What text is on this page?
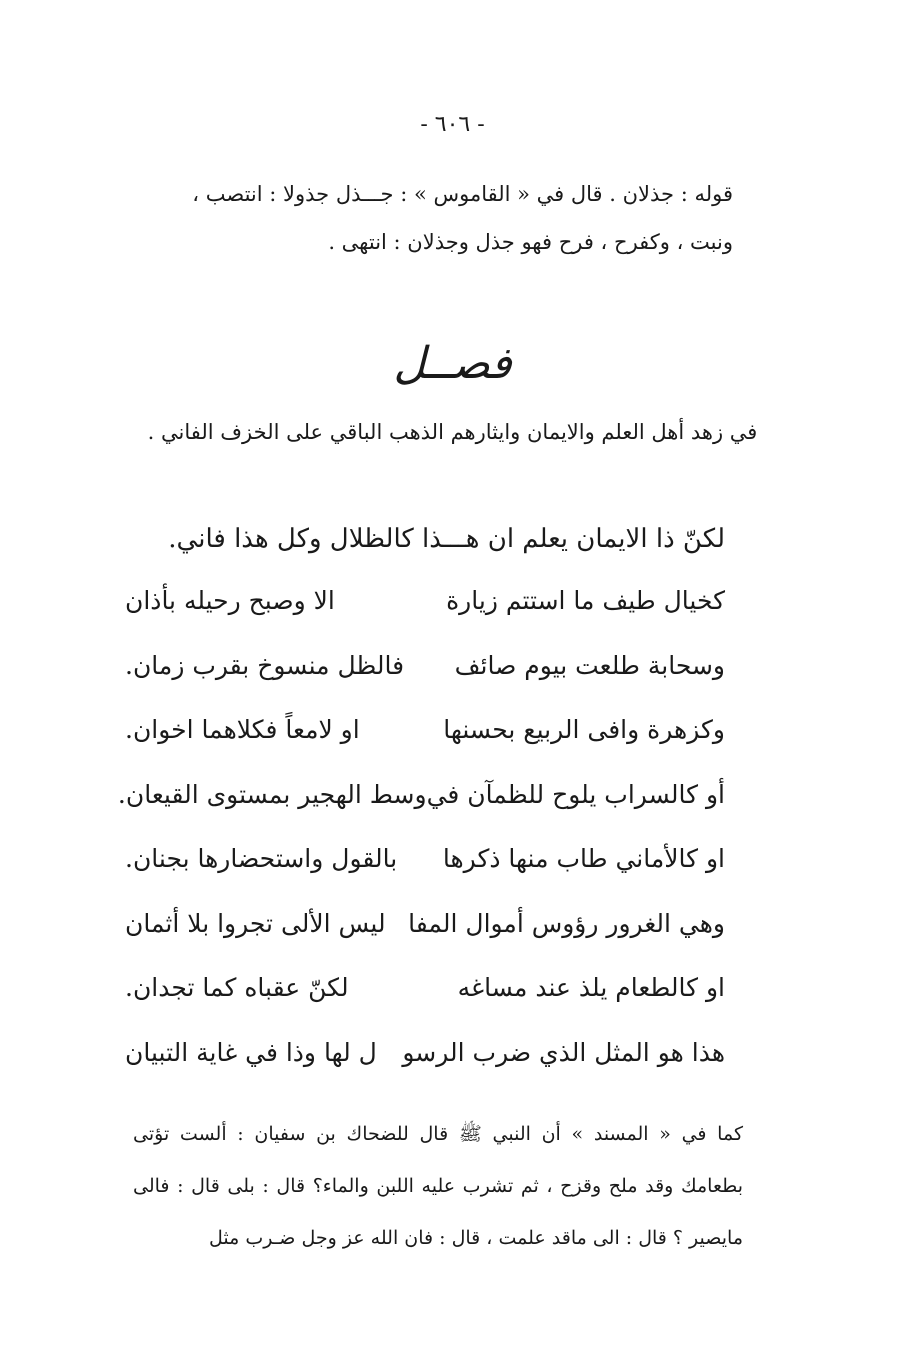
- ٦٠٦ -

قوله : جذلان . قال في « القاموس » : جـــذل جذولا : انتصب ،

ونبت ، وكفرح ، فرح فهو جذل وجذلان : انتهى .

فصــل
في زهد أهل العلم والايمان وايثارهم الذهب الباقي على الخزف الفاني .
لكنّ ذا الايمان يعلم ان هـــذا كالظلال وكل هذا فاني.
كخيال طيف ما استتم زيارة
الا وصبح رحيله بأذان
وسحابة طلعت بيوم صائف
فالظل منسوخ بقرب زمان.
وكزهرة وافى الربيع بحسنها
او لامعاً فكلاهما اخوان.
أو كالسراب يلوح للظمآن في
وسط الهجير بمستوى القيعان.
او كالأماني طاب منها ذكرها
بالقول واستحضارها بجنان.
وهي الغرور رؤوس أموال المفا
ليس الألى تجروا بلا أثمان
او كالطعام يلذ عند مساغه
لكنّ عقباه كما تجدان.
هذا هو المثل الذي ضرب الرسو
ل لها وذا في غاية التبيان

كما في « المسند » أن النبي ﷺ قال للضحاك بن سفيان : ألست تؤتى

بطعامك وقد ملح وقزح ، ثم تشرب عليه اللبن والماء؟ قال : بلى قال : فالى

مايصير ؟ قال : الى ماقد علمت ، قال : فان الله عز وجل ضـرب مثل
